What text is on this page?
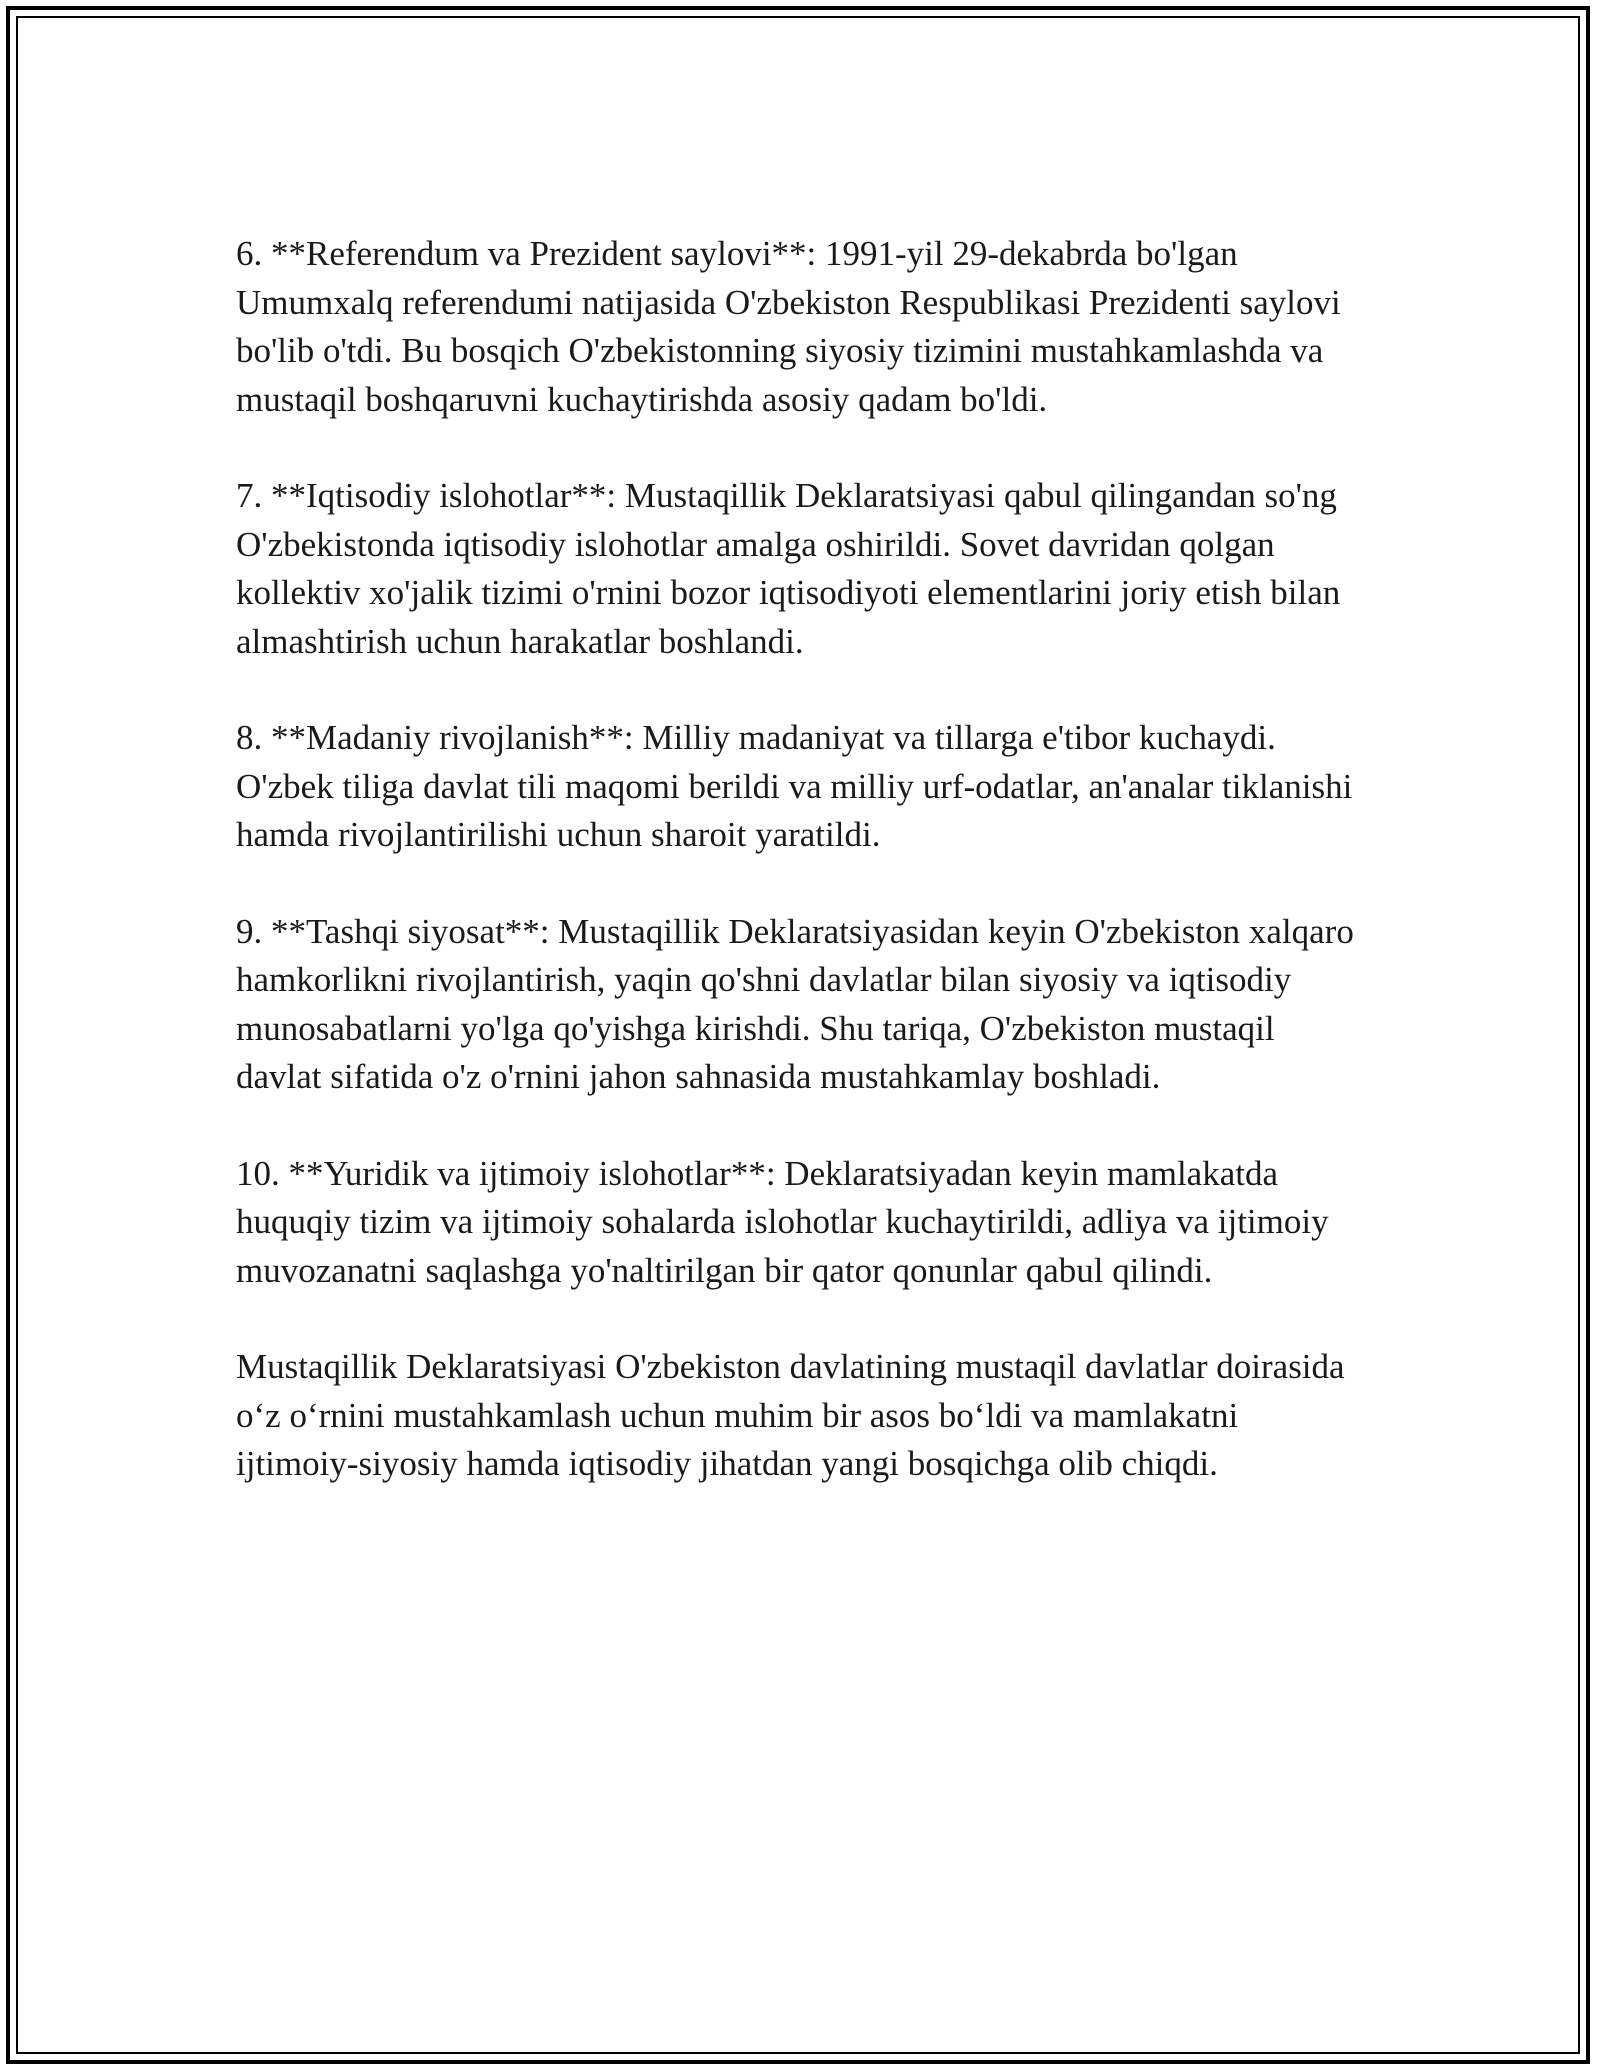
6. **Referendum va Prezident saylovi**: 1991-yil 29-dekabrda bo'lgan Umumxalq referendumi natijasida O'zbekiston Respublikasi Prezidenti saylovi bo'lib o'tdi. Bu bosqich O'zbekistonning siyosiy tizimini mustahkamlashda va mustaqil boshqaruvni kuchaytirishda asosiy qadam bo'ldi.

7. **Iqtisodiy islohotlar**: Mustaqillik Deklaratsiyasi qabul qilingandan so'ng O'zbekistonda iqtisodiy islohotlar amalga oshirildi. Sovet davridan qolgan kollektiv xo'jalik tizimi o'rnini bozor iqtisodiyoti elementlarini joriy etish bilan almashtirish uchun harakatlar boshlandi.

8. **Madaniy rivojlanish**: Milliy madaniyat va tillarga e'tibor kuchaydi. O'zbek tiliga davlat tili maqomi berildi va milliy urf-odatlar, an'analar tiklanishi hamda rivojlantirilishi uchun sharoit yaratildi.

9. **Tashqi siyosat**: Mustaqillik Deklaratsiyasidan keyin O'zbekiston xalqaro hamkorlikni rivojlantirish, yaqin qo'shni davlatlar bilan siyosiy va iqtisodiy munosabatlarni yo'lga qo'yishga kirishdi. Shu tariqa, O'zbekiston mustaqil davlat sifatida o'z o'rnini jahon sahnasida mustahkamlay boshladi.

10. **Yuridik va ijtimoiy islohotlar**: Deklaratsiyadan keyin mamlakatda huquqiy tizim va ijtimoiy sohalarda islohotlar kuchaytirildi, adliya va ijtimoiy muvozanatni saqlashga yo'naltirilgan bir qator qonunlar qabul qilindi.

Mustaqillik Deklaratsiyasi O'zbekiston davlatining mustaqil davlatlar doirasida oʻz oʻrnini mustahkamlash uchun muhim bir asos boʻldi va mamlakatni ijtimoiy-siyosiy hamda iqtisodiy jihatdan yangi bosqichga olib chiqdi.
